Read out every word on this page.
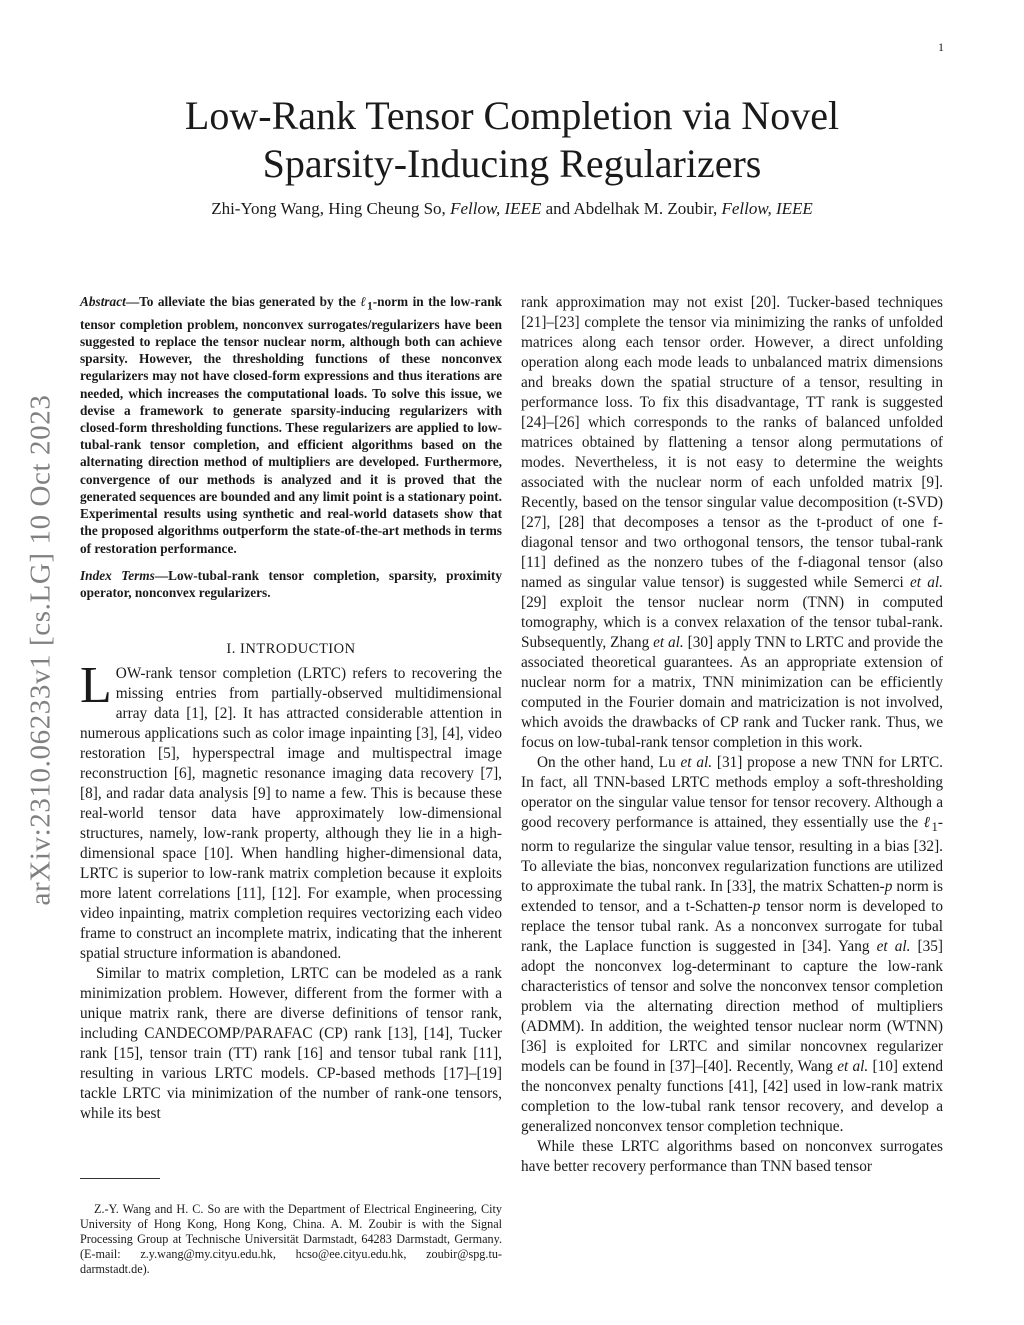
1
arXiv:2310.06233v1 [cs.LG] 10 Oct 2023
Low-Rank Tensor Completion via Novel
Sparsity-Inducing Regularizers
Zhi-Yong Wang, Hing Cheung So, Fellow, IEEE and Abdelhak M. Zoubir, Fellow, IEEE

Abstract—To alleviate the bias generated by the ℓ$_1$-norm in the low-rank tensor completion problem, nonconvex surrogates/regularizers have been suggested to replace the tensor nuclear norm, although both can achieve sparsity. However, the thresholding functions of these nonconvex regularizers may not have closed-form expressions and thus iterations are needed, which increases the computational loads. To solve this issue, we devise a framework to generate sparsity-inducing regularizers with closed-form thresholding functions. These regularizers are applied to low-tubal-rank tensor completion, and efficient algorithms based on the alternating direction method of multipliers are developed. Furthermore, convergence of our methods is analyzed and it is proved that the generated sequences are bounded and any limit point is a stationary point. Experimental results using synthetic and real-world datasets show that the proposed algorithms outperform the state-of-the-art methods in terms of restoration performance.

Index Terms—Low-tubal-rank tensor completion, sparsity, proximity operator, nonconvex regularizers.

I. INTRODUCTION

LOW-rank tensor completion (LRTC) refers to recovering the missing entries from partially-observed multidimensional array data [1], [2]. It has attracted considerable attention in numerous applications such as color image inpainting [3], [4], video restoration [5], hyperspectral image and multispectral image reconstruction [6], magnetic resonance imaging data recovery [7], [8], and radar data analysis [9] to name a few. This is because these real-world tensor data have approximately low-dimensional structures, namely, low-rank property, although they lie in a high-dimensional space [10]. When handling higher-dimensional data, LRTC is superior to low-rank matrix completion because it exploits more latent correlations [11], [12]. For example, when processing video inpainting, matrix completion requires vectorizing each video frame to construct an incomplete matrix, indicating that the inherent spatial structure information is abandoned.

Similar to matrix completion, LRTC can be modeled as a rank minimization problem. However, different from the former with a unique matrix rank, there are diverse definitions of tensor rank, including CANDECOMP/PARAFAC (CP) rank [13], [14], Tucker rank [15], tensor train (TT) rank [16] and tensor tubal rank [11], resulting in various LRTC models. CP-based methods [17]–[19] tackle LRTC via minimization of the number of rank-one tensors, while its best

Z.-Y. Wang and H. C. So are with the Department of Electrical Engineering, City University of Hong Kong, Hong Kong, China. A. M. Zoubir is with the Signal Processing Group at Technische Universität Darmstadt, 64283 Darmstadt, Germany. (E-mail: z.y.wang@my.cityu.edu.hk, hcso@ee.cityu.edu.hk, zoubir@spg.tu-darmstadt.de).

rank approximation may not exist [20]. Tucker-based techniques [21]–[23] complete the tensor via minimizing the ranks of unfolded matrices along each tensor order. However, a direct unfolding operation along each mode leads to unbalanced matrix dimensions and breaks down the spatial structure of a tensor, resulting in performance loss. To fix this disadvantage, TT rank is suggested [24]–[26] which corresponds to the ranks of balanced unfolded matrices obtained by flattening a tensor along permutations of modes. Nevertheless, it is not easy to determine the weights associated with the nuclear norm of each unfolded matrix [9]. Recently, based on the tensor singular value decomposition (t-SVD) [27], [28] that decomposes a tensor as the t-product of one f-diagonal tensor and two orthogonal tensors, the tensor tubal-rank [11] defined as the nonzero tubes of the f-diagonal tensor (also named as singular value tensor) is suggested while Semerci et al. [29] exploit the tensor nuclear norm (TNN) in computed tomography, which is a convex relaxation of the tensor tubal-rank. Subsequently, Zhang et al. [30] apply TNN to LRTC and provide the associated theoretical guarantees. As an appropriate extension of nuclear norm for a matrix, TNN minimization can be efficiently computed in the Fourier domain and matricization is not involved, which avoids the drawbacks of CP rank and Tucker rank. Thus, we focus on low-tubal-rank tensor completion in this work.

On the other hand, Lu et al. [31] propose a new TNN for LRTC. In fact, all TNN-based LRTC methods employ a soft-thresholding operator on the singular value tensor for tensor recovery. Although a good recovery performance is attained, they essentially use the ℓ$_1$-norm to regularize the singular value tensor, resulting in a bias [32]. To alleviate the bias, nonconvex regularization functions are utilized to approximate the tubal rank. In [33], the matrix Schatten-p norm is extended to tensor, and a t-Schatten-p tensor norm is developed to replace the tensor tubal rank. As a nonconvex surrogate for tubal rank, the Laplace function is suggested in [34]. Yang et al. [35] adopt the nonconvex log-determinant to capture the low-rank characteristics of tensor and solve the nonconvex tensor completion problem via the alternating direction method of multipliers (ADMM). In addition, the weighted tensor nuclear norm (WTNN) [36] is exploited for LRTC and similar noncovnex regularizer models can be found in [37]–[40]. Recently, Wang et al. [10] extend the nonconvex penalty functions [41], [42] used in low-rank matrix completion to the low-tubal rank tensor recovery, and develop a generalized nonconvex tensor completion technique.

While these LRTC algorithms based on nonconvex surrogates have better recovery performance than TNN based tensor
